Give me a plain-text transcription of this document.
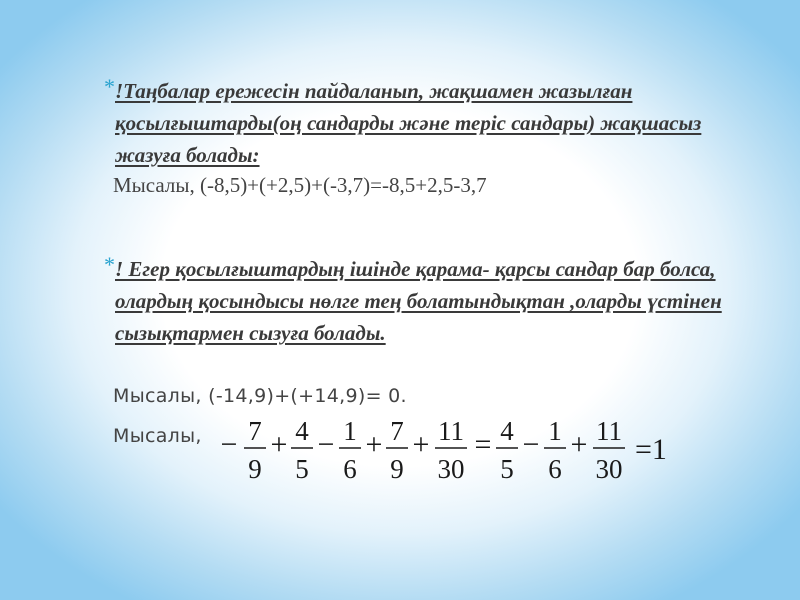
* !Таңбалар ережесін пайдаланып, жақшамен жазылған қосылғыштарды(оң сандарды және теріс сандары) жақшасыз жазуға болады:
Мысалы, (-8,5)+(+2,5)+(-3,7)=-8,5+2,5-3,7
* ! Егер қосылғыштардың ішінде қарама- қарсы сандар бар болса, олардың қосындысы нөлге тең болатындықтан ,оларды үстінен сызықтармен сызуға болады.
Мысалы, (-14,9)+(+14,9)= 0.
Мысалы, − 7
9
+ 4
5
− 1
6
+ 7
9
+ 11
30
= 4
5
− 1
6
+ 11
30
=1
